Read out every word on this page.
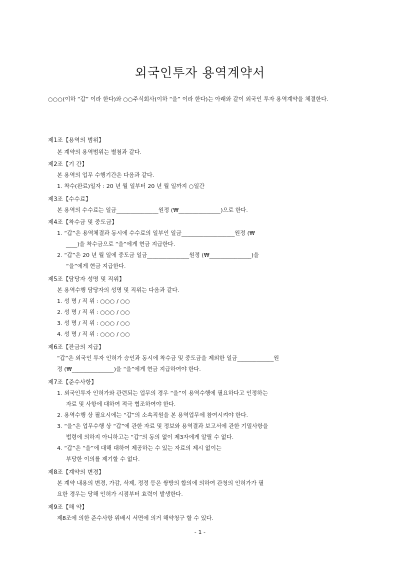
외국인투자 용역계약서
○○○(이하 “갑” 이라 한다)와 ○○주식회사(이하 “을” 이라 한다)는 아래와 같이 외국인 투자 용역계약을 체결한다.
제1조【용역의 범위】
본 계약의 용역범위는 별첨과 같다.
제2조【기 간】
본 용역의 업무 수행기간은 다음과 같다.
1. 착수(완료)일자 : 20 년 월 일부터 20 년 월 일까지 ○일간
제3조【수수료】
본 용역의 수수료는 일금_______________원정 (₩_______________)으로 한다.
제4조【착수금 및 중도금】
1. “갑”은 용역체결과 동시에 수수료의 일부인 일금___________________원정 (₩
____)을 착수금으로 “을”에게 현금 지급한다.
2. “갑”은 20 년 월 일에 중도금 일금_______________원정 (₩_______________)을
“을”에게 현금 지급한다.
제5조【담당자 성명 및 직위】
본 용역수행 담당자의 성명 및 직위는 다음과 같다.
1. 성 명 / 직 위 : ○○○ / ○○
2. 성 명 / 직 위 : ○○○ / ○○
3. 성 명 / 직 위 : ○○○ / ○○
4. 성 명 / 직 위 : ○○○ / ○○
제6조【잔금의 지급】
“갑”은 외국인 투자 인허가 승인과 동시에 착수금 및 중도금을 제외한 일금_____________원
정 (₩_______________)을 “을”에게 현금 지급하여야 한다.
제7조【준수사항】
1. 외국인투자 인허가와 관련되는 업무의 경우 “을”이 용역수행에 필요하다고 인정하는
자료 및 사항에 대하여 적극 협조하여야 한다.
2. 용역수행 상 필요시에는 “갑”의 소속직원을 본 용역업무에 참여시켜야 한다.
3. “을”은 업무수행 상 “갑”에 관한 자료 및 정보와 용역결과 보고서에 관한 기밀사항을
법령에 의하지 아니하고는 “갑”의 동의 없이 제3자에게 알릴 수 없다.
4. “갑”은 “을”에 대해 대하여 제공하는 수 있는 자료의 제시 없이는
부당한 이의를 제기할 수 없다.
제8조【계약의 변경】
본 계약 내용의 변경, 가감, 삭제, 정정 등은 쌍방의 합의에 의하여 관청의 인허가가 필
요한 경우는 당해 인허가 시점부터 효력이 발생한다.
제9조【해 약】
제8조에 의한 준수사항 위배시 서면에 의거 해약청구 할 수 있다.
- 1 -
